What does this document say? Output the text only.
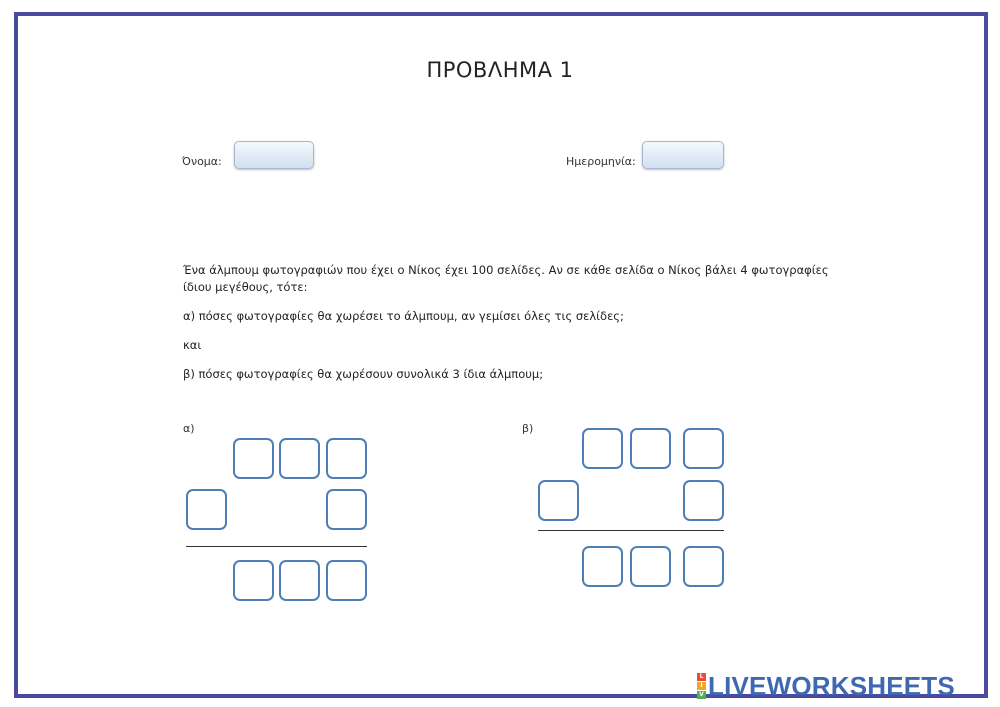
ΠΡΟΒΛΗΜΑ 1
Όνομα:	Ημερομηνία:
Ένα άλμπουμ φωτογραφιών που έχει ο Νίκος έχει 100 σελίδες. Αν σε κάθε σελίδα ο Νίκος βάλει 4 φωτογραφίες
ίδιου μεγέθους, τότε:
α) πόσες φωτογραφίες θα χωρέσει το άλμπουμ, αν γεμίσει όλες τις σελίδες;
και
β) πόσες φωτογραφίες θα χωρέσουν συνολικά 3 ίδια άλμπουμ;
α)	β)
L
I
V LIVEWORKSHEETS
